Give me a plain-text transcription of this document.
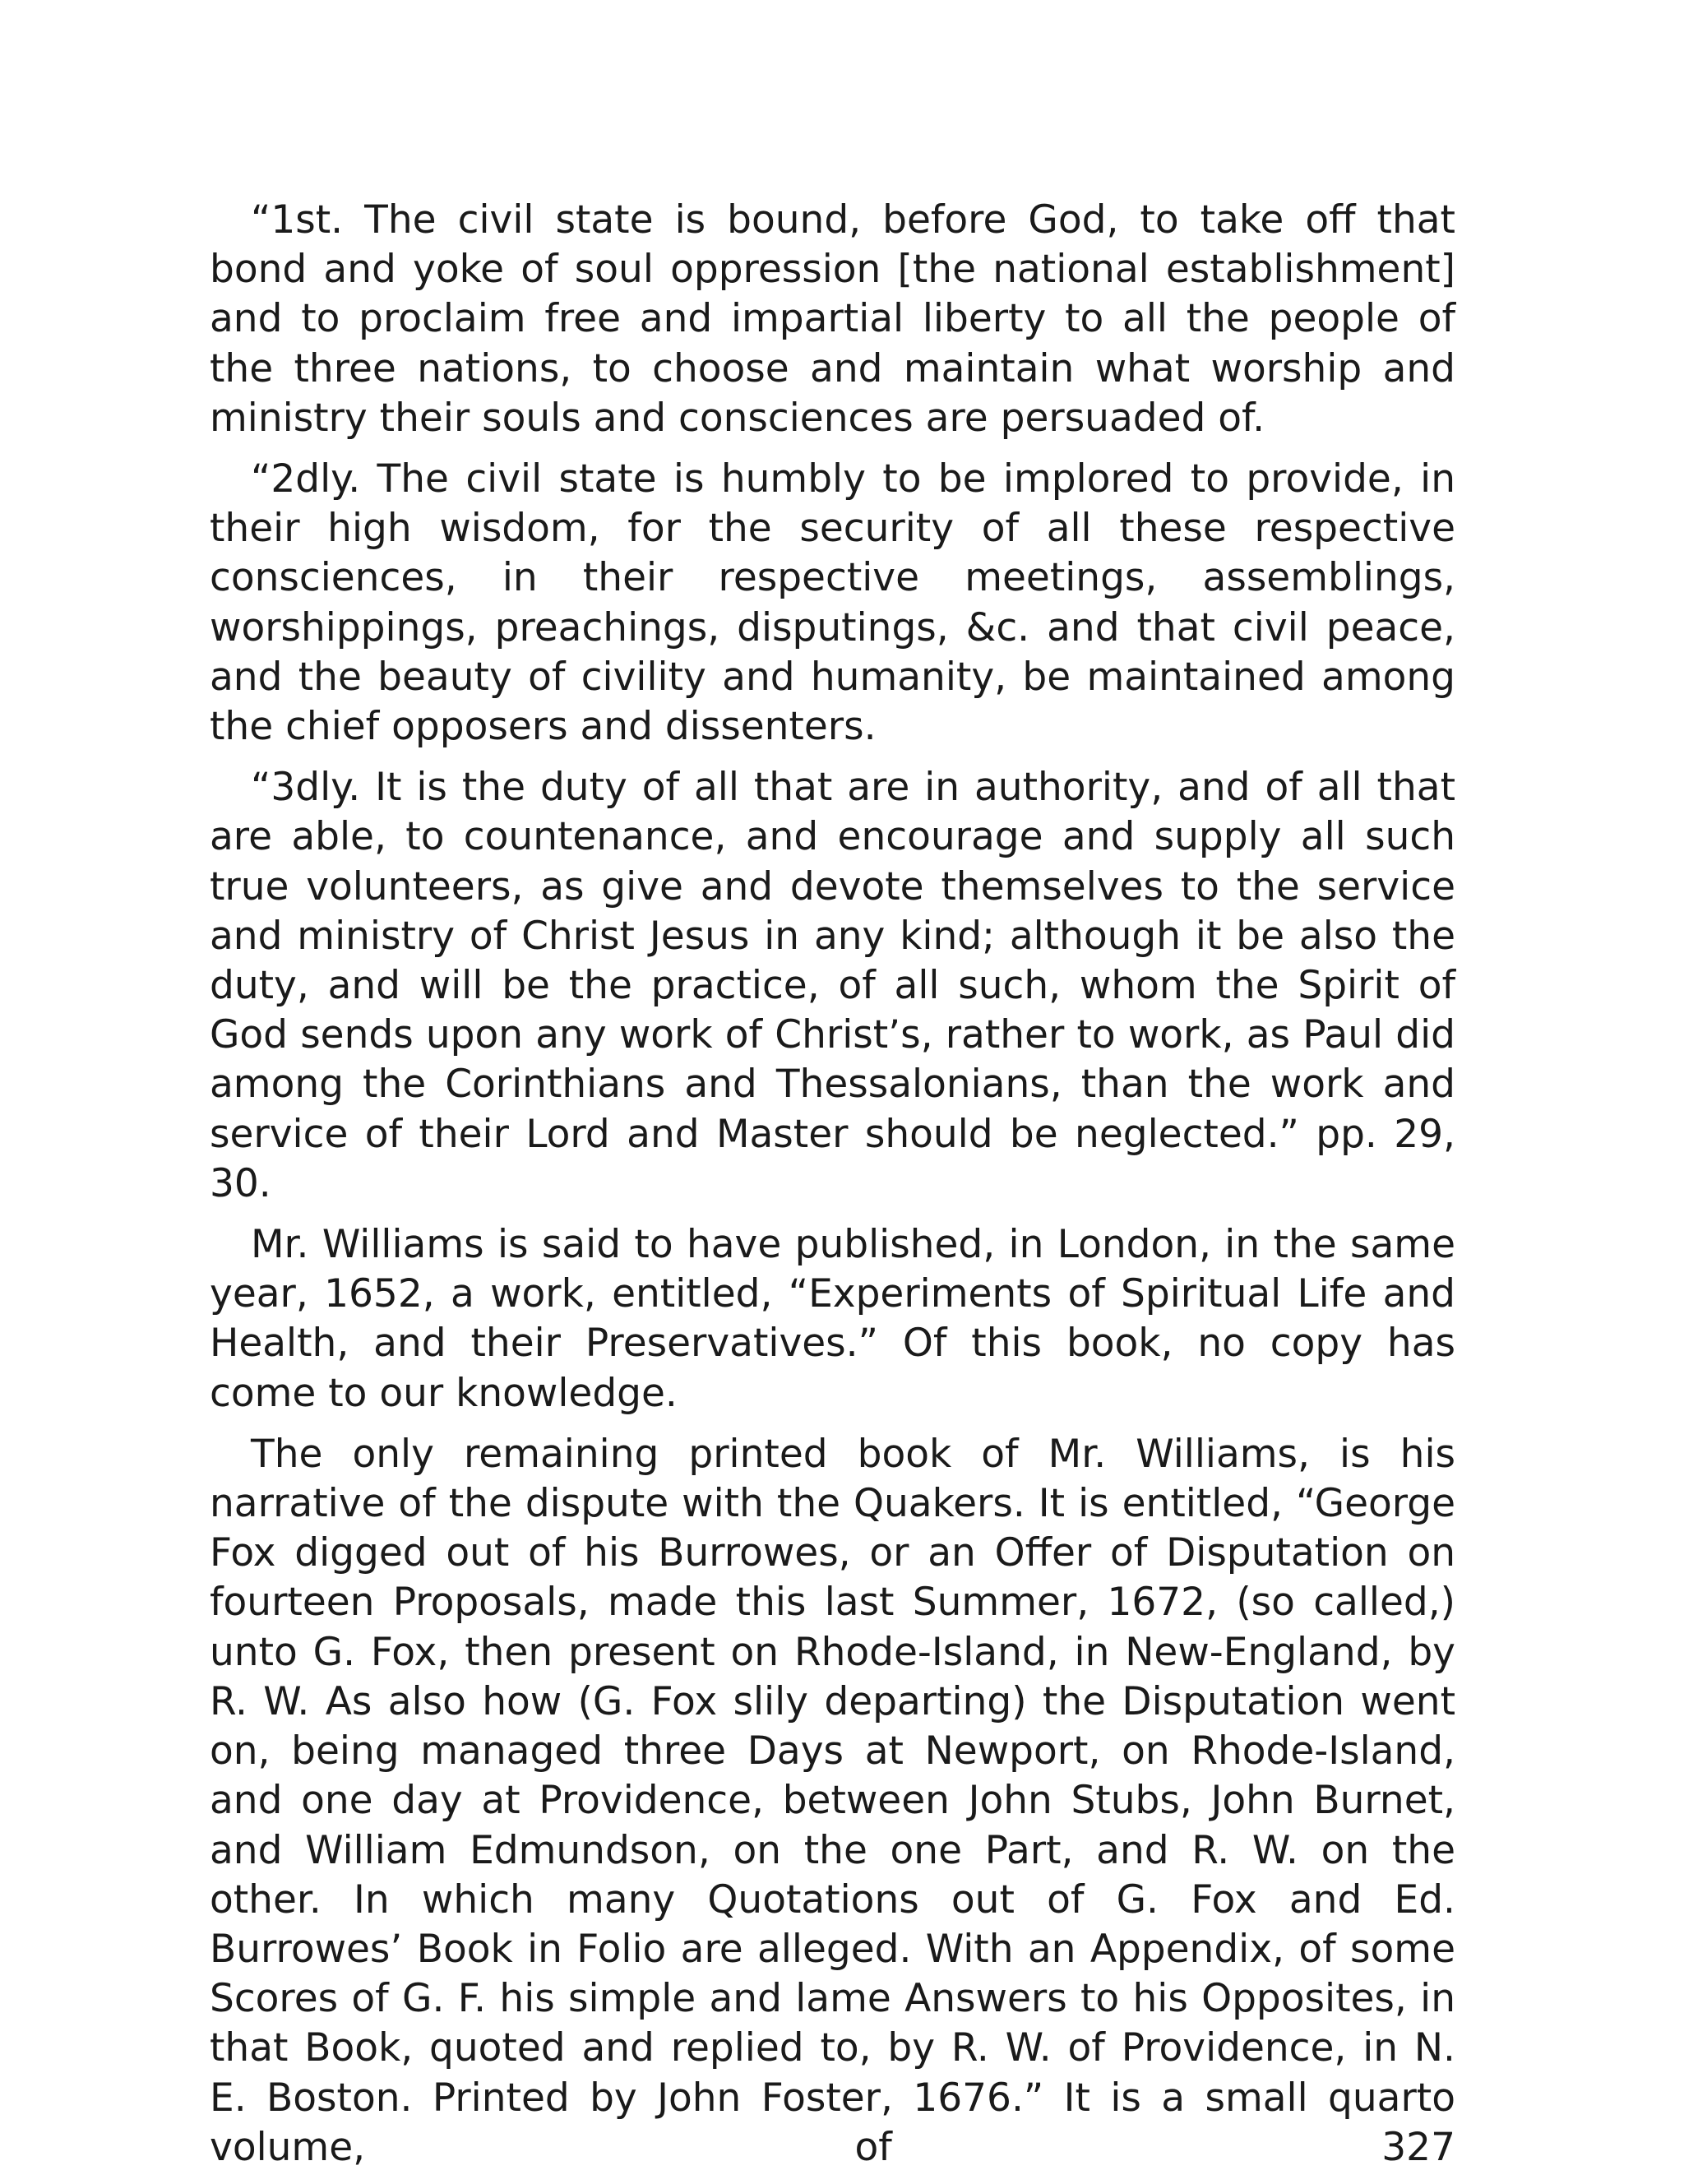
“1st. The civil state is bound, before God, to take off that bond and yoke of soul oppression [the national establishment] and to proclaim free and impartial liberty to all the people of the three nations, to choose and maintain what worship and ministry their souls and consciences are persuaded of.

“2dly. The civil state is humbly to be implored to provide, in their high wisdom, for the security of all these respective consciences, in their respective meetings, assemblings, worshippings, preachings, disputings, &c. and that civil peace, and the beauty of civility and humanity, be maintained among the chief opposers and dissenters.

“3dly. It is the duty of all that are in authority, and of all that are able, to countenance, and encourage and supply all such true volunteers, as give and devote themselves to the service and ministry of Christ Jesus in any kind; although it be also the duty, and will be the practice, of all such, whom the Spirit of God sends upon any work of Christ’s, rather to work, as Paul did among the Corinthians and Thessalonians, than the work and service of their Lord and Master should be neglected.” pp. 29, 30.

Mr. Williams is said to have published, in London, in the same year, 1652, a work, entitled, “Experiments of Spiritual Life and Health, and their Preservatives.” Of this book, no copy has come to our knowledge.

The only remaining printed book of Mr. Williams, is his narrative of the dispute with the Quakers. It is entitled, “George Fox digged out of his Burrowes, or an Offer of Disputation on fourteen Proposals, made this last Summer, 1672, (so called,) unto G. Fox, then present on Rhode-Island, in New-England, by R. W. As also how (G. Fox slily departing) the Disputation went on, being managed three Days at Newport, on Rhode-Island, and one day at Providence, between John Stubs, John Burnet, and William Edmundson, on the one Part, and R. W. on the other. In which many Quotations out of G. Fox and Ed. Burrowes’ Book in Folio are alleged. With an Appendix, of some Scores of G. F. his simple and lame Answers to his Opposites, in that Book, quoted and replied to, by R. W. of Providence, in N. E. Boston. Printed by John Foster, 1676.” It is a small quarto volume, of 327
